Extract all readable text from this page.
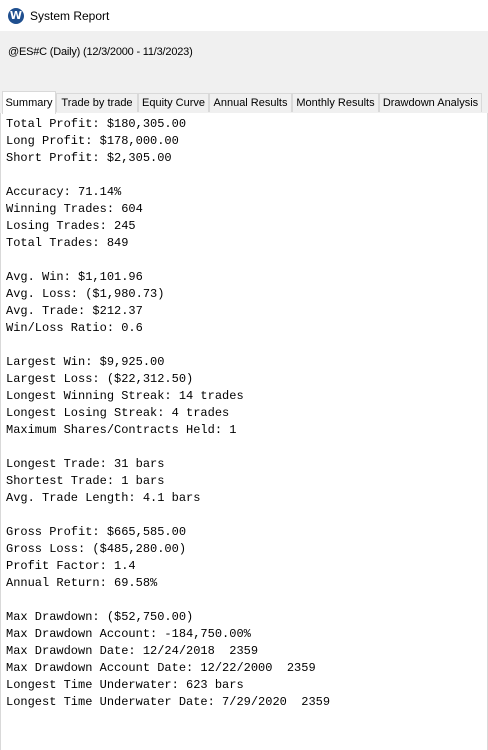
W System Report
@ES#C (Daily) (12/3/2000 - 11/3/2023)
Summary Trade by trade Equity Curve Annual Results Monthly Results Drawdown Analysis
Total Profit: $180,305.00
Long Profit: $178,000.00
Short Profit: $2,305.00
Accuracy: 71.14%
Winning Trades: 604
Losing Trades: 245
Total Trades: 849
Avg. Win: $1,101.96
Avg. Loss: ($1,980.73)
Avg. Trade: $212.37
Win/Loss Ratio: 0.6
Largest Win: $9,925.00
Largest Loss: ($22,312.50)
Longest Winning Streak: 14 trades
Longest Losing Streak: 4 trades
Maximum Shares/Contracts Held: 1
Longest Trade: 31 bars
Shortest Trade: 1 bars
Avg. Trade Length: 4.1 bars
Gross Profit: $665,585.00
Gross Loss: ($485,280.00)
Profit Factor: 1.4
Annual Return: 69.58%
Max Drawdown: ($52,750.00)
Max Drawdown Account: -184,750.00%
Max Drawdown Date: 12/24/2018  2359
Max Drawdown Account Date: 12/22/2000  2359
Longest Time Underwater: 623 bars
Longest Time Underwater Date: 7/29/2020  2359
